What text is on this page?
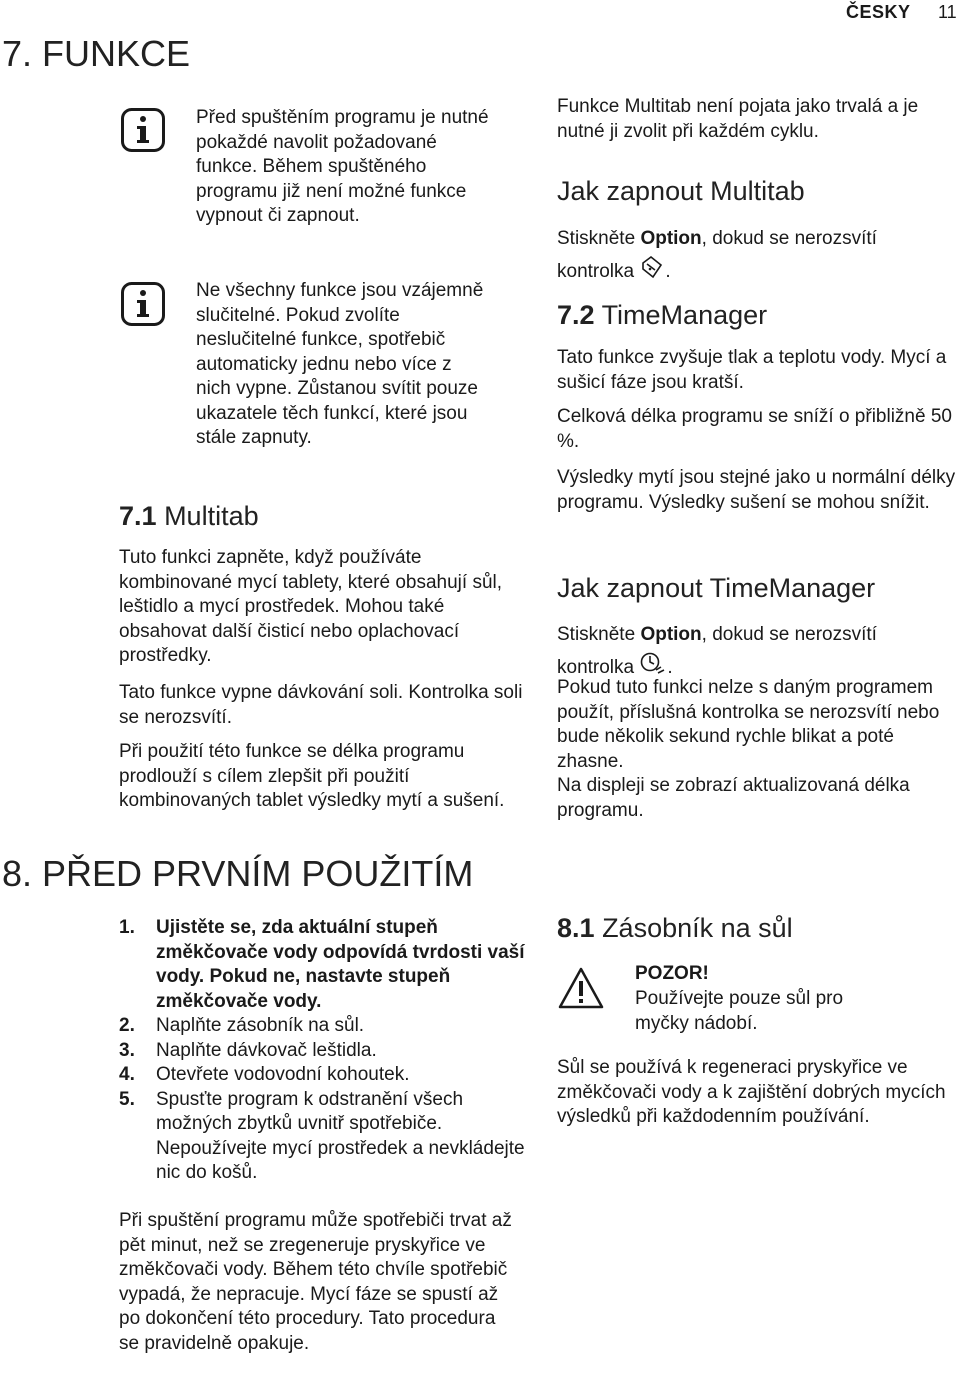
ČESKY 11
7. FUNKCE
Před spuštěním programu je nutné pokaždé navolit požadované funkce. Během spuštěného programu již není možné funkce vypnout či zapnout.
Ne všechny funkce jsou vzájemně slučitelné. Pokud zvolíte neslučitelné funkce, spotřebič automaticky jednu nebo více z nich vypne. Zůstanou svítit pouze ukazatele těch funkcí, které jsou stále zapnuty.
7.1 Multitab

Tuto funkci zapněte, když používáte kombinované mycí tablety, které obsahují sůl, leštidlo a mycí prostředek. Mohou také obsahovat další čisticí nebo oplachovací prostředky.

Tato funkce vypne dávkování soli. Kontrolka soli se nerozsvítí.

Při použití této funkce se délka programu prodlouží s cílem zlepšit při použití kombinovaných tablet výsledky mytí a sušení.

8. PŘED PRVNÍM POUŽITÍM
1. Ujistěte se, zda aktuální stupeň změkčovače vody odpovídá tvrdosti vaší vody. Pokud ne, nastavte stupeň změkčovače vody.
2. Naplňte zásobník na sůl.
3. Naplňte dávkovač leštidla.
4. Otevřete vodovodní kohoutek.
5. Spusťte program k odstranění všech možných zbytků uvnitř spotřebiče. Nepoužívejte mycí prostředek a nevkládejte nic do košů.

Při spuštění programu může spotřebiči trvat až pět minut, než se zregeneruje pryskyřice ve změkčovači vody. Během této chvíle spotřebič vypadá, že nepracuje. Mycí fáze se spustí až po dokončení této procedury. Tato procedura se pravidelně opakuje.

Funkce Multitab není pojata jako trvalá a je nutné ji zvolit při každém cyklu.

Jak zapnout Multitab

Stiskněte Option, dokud se nerozsvítí kontrolka .

7.2 TimeManager

Tato funkce zvyšuje tlak a teplotu vody. Mycí a sušicí fáze jsou kratší.

Celková délka programu se sníží o přibližně 50 %.

Výsledky mytí jsou stejné jako u normální délky programu. Výsledky sušení se mohou snížit.

Jak zapnout TimeManager

Stiskněte Option, dokud se nerozsvítí kontrolka .

Pokud tuto funkci nelze s daným programem použít, příslušná kontrolka se nerozsvítí nebo bude několik sekund rychle blikat a poté zhasne.

Na displeji se zobrazí aktualizovaná délka programu.

8.1 Zásobník na sůl
POZOR!
Používejte pouze sůl pro myčky nádobí.

Sůl se používá k regeneraci pryskyřice ve změkčovači vody a k zajištění dobrých mycích výsledků při každodenním používání.
